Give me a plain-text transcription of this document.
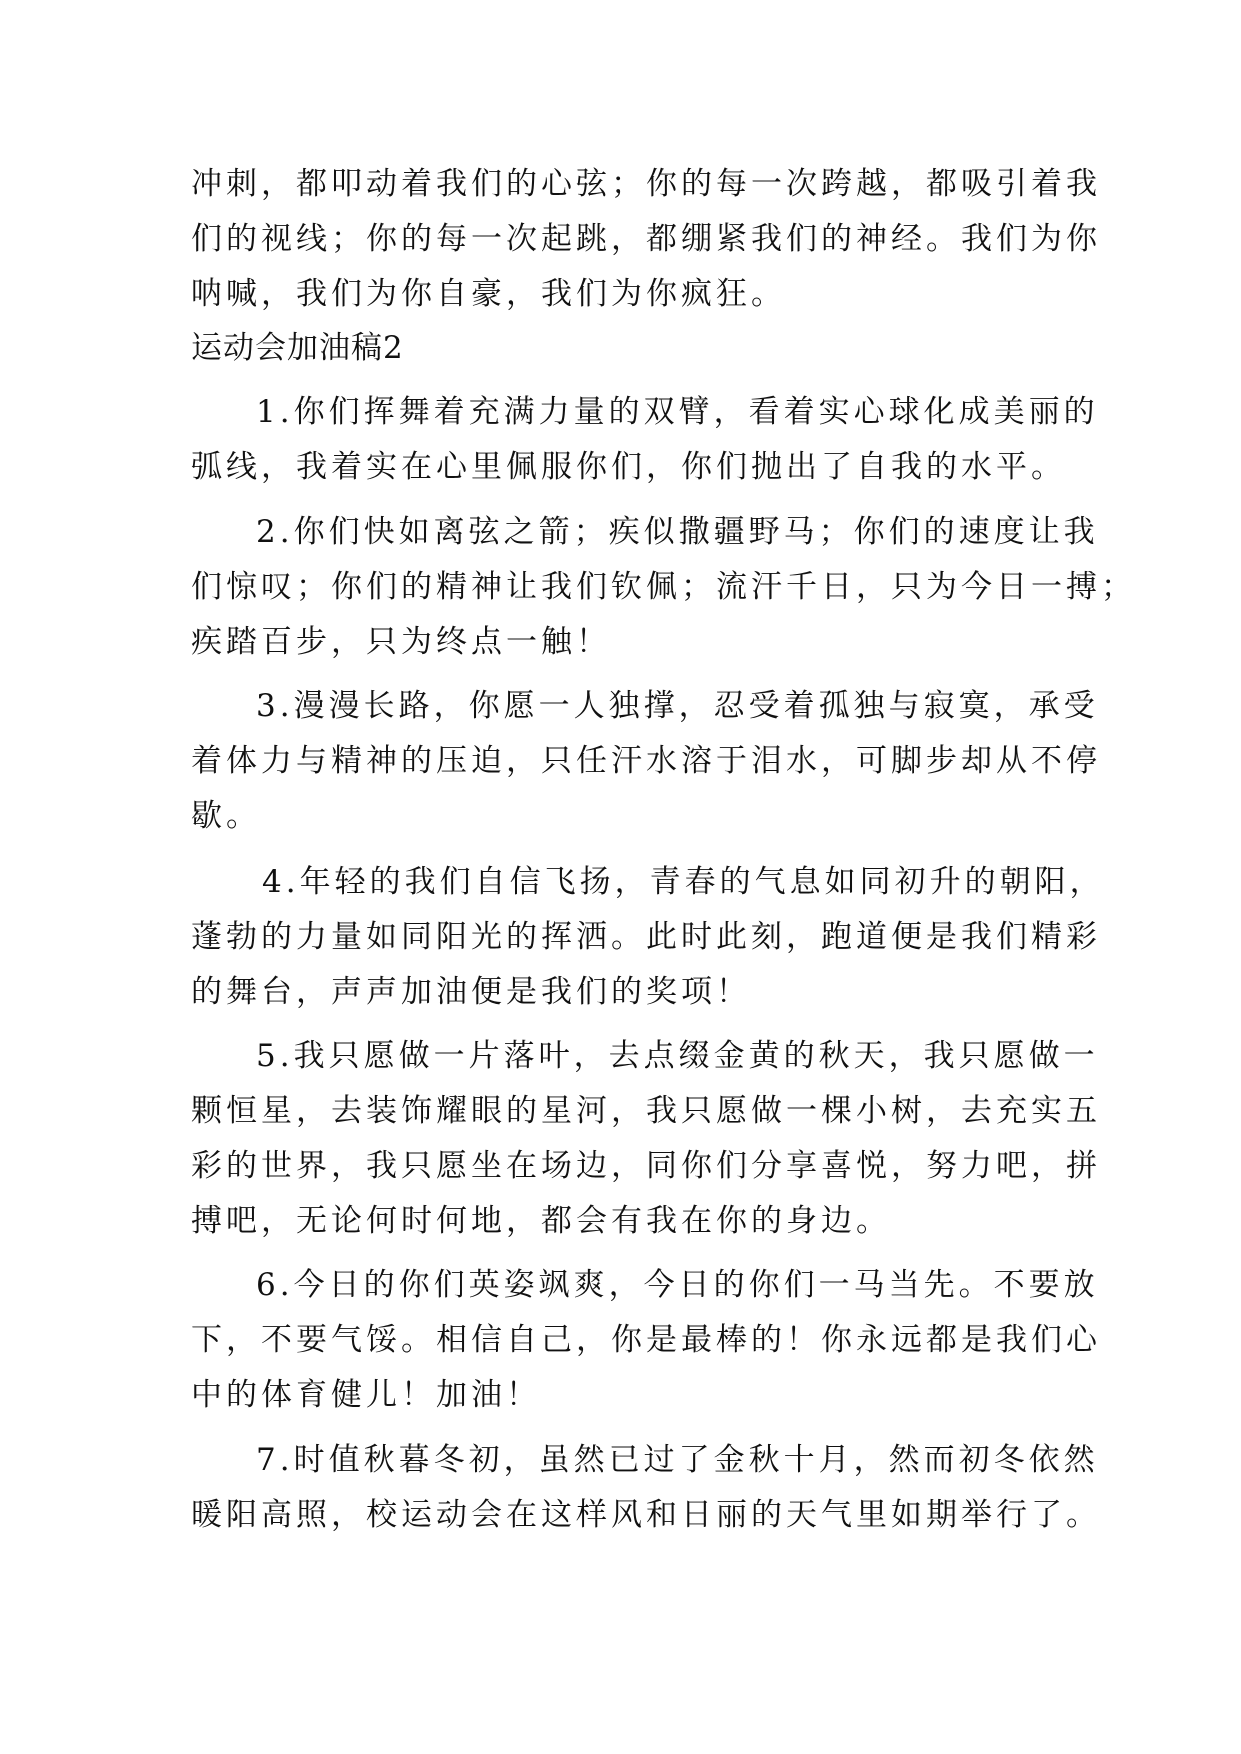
冲刺，都叩动着我们的心弦；你的每一次跨越，都吸引着我
们的视线；你的每一次起跳，都绷紧我们的神经。我们为你
呐喊，我们为你自豪，我们为你疯狂。
运动会加油稿2
1.你们挥舞着充满力量的双臂，看着实心球化成美丽的
弧线，我着实在心里佩服你们，你们抛出了自我的水平。
2.你们快如离弦之箭；疾似撒疆野马；你们的速度让我
们惊叹；你们的精神让我们钦佩；流汗千日，只为今日一搏；
疾踏百步，只为终点一触！
3.漫漫长路，你愿一人独撑，忍受着孤独与寂寞，承受
着体力与精神的压迫，只任汗水溶于泪水，可脚步却从不停
歇。
4.年轻的我们自信飞扬，青春的气息如同初升的朝阳，
蓬勃的力量如同阳光的挥洒。此时此刻，跑道便是我们精彩
的舞台，声声加油便是我们的奖项！
5.我只愿做一片落叶，去点缀金黄的秋天，我只愿做一
颗恒星，去装饰耀眼的星河，我只愿做一棵小树，去充实五
彩的世界，我只愿坐在场边，同你们分享喜悦，努力吧，拼
搏吧，无论何时何地，都会有我在你的身边。
6.今日的你们英姿飒爽，今日的你们一马当先。不要放
下，不要气馁。相信自己，你是最棒的！你永远都是我们心
中的体育健儿！加油！
7.时值秋暮冬初，虽然已过了金秋十月，然而初冬依然
暖阳高照，校运动会在这样风和日丽的天气里如期举行了。
